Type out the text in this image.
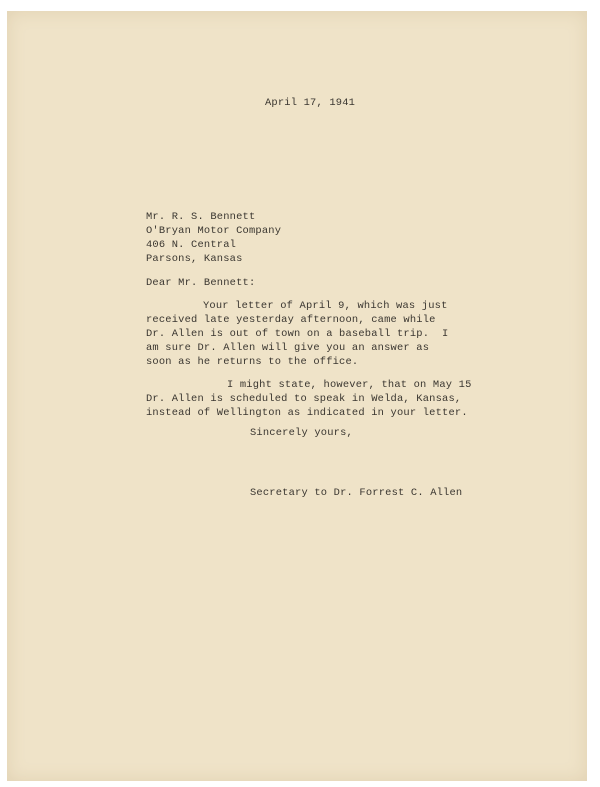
April 17, 1941

Mr. R. S. Bennett

O'Bryan Motor Company

406 N. Central

Parsons, Kansas

Dear Mr. Bennett:

Your letter of April 9, which was just

received late yesterday afternoon, came while

Dr. Allen is out of town on a baseball trip.  I

am sure Dr. Allen will give you an answer as

soon as he returns to the office.

I might state, however, that on May 15

Dr. Allen is scheduled to speak in Welda, Kansas,

instead of Wellington as indicated in your letter.

Sincerely yours,

Secretary to Dr. Forrest C. Allen
